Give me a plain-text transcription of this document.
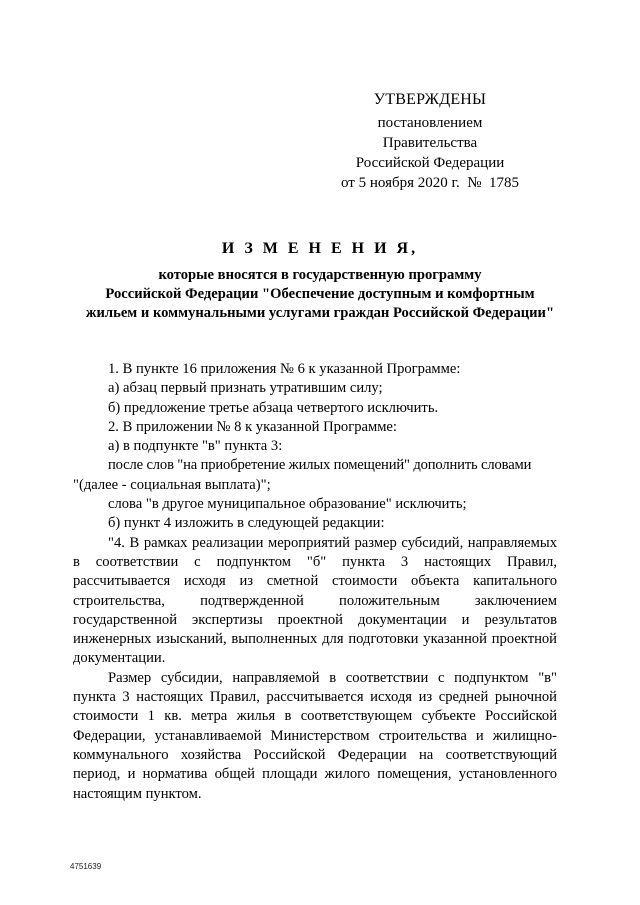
УТВЕРЖДЕНЫ
постановлением Правительства
Российской Федерации
от 5 ноября 2020 г.  №  1785
И З М Е Н Е Н И Я,
которые вносятся в государственную программу
Российской Федерации "Обеспечение доступным и комфортным
жильем и коммунальными услугами граждан Российской Федерации"

1. В пункте 16 приложения № 6 к указанной Программе:

а) абзац первый признать утратившим силу;

б) предложение третье абзаца четвертого исключить.

2. В приложении № 8 к указанной Программе:

а) в подпункте "в" пункта 3:

после слов "на приобретение жилых помещений" дополнить словами

"(далее - социальная выплата)";

слова "в другое муниципальное образование" исключить;

б) пункт 4 изложить в следующей редакции:

"4. В рамках реализации мероприятий размер субсидий, направляемых в соответствии с подпунктом "б" пункта 3 настоящих Правил, рассчитывается исходя из сметной стоимости объекта капитального строительства, подтвержденной положительным заключением государственной экспертизы проектной документации и результатов инженерных изысканий, выполненных для подготовки указанной проектной документации.

Размер субсидии, направляемой в соответствии с подпунктом "в" пункта 3 настоящих Правил, рассчитывается исходя из средней рыночной стоимости 1 кв. метра жилья в соответствующем субъекте Российской Федерации, устанавливаемой Министерством строительства и жилищно-коммунального хозяйства Российской Федерации на соответствующий период, и норматива общей площади жилого помещения, установленного настоящим пунктом.

4751639
